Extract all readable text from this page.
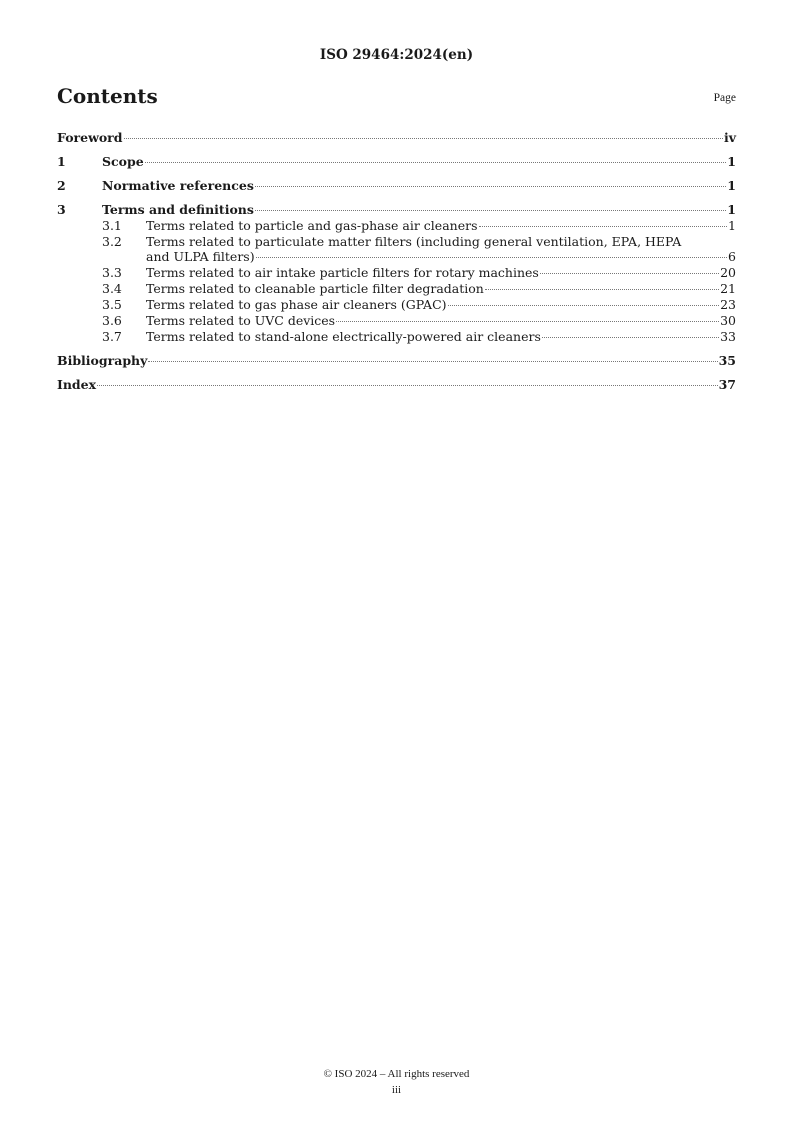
ISO 29464:2024(en)
Contents	Page
Foreword	iv
1	Scope	1
2	Normative references	1
3	Terms and definitions	1
3.1	Terms related to particle and gas-phase air cleaners	1
3.2	Terms related to particulate matter filters (including general ventilation, EPA, HEPA
and ULPA filters)	6
3.3	Terms related to air intake particle filters for rotary machines	20
3.4	Terms related to cleanable particle filter degradation	21
3.5	Terms related to gas phase air cleaners (GPAC)	23
3.6	Terms related to UVC devices	30
3.7	Terms related to stand-alone electrically-powered air cleaners	33
Bibliography	35
Index	37
© ISO 2024 – All rights reserved
iii
